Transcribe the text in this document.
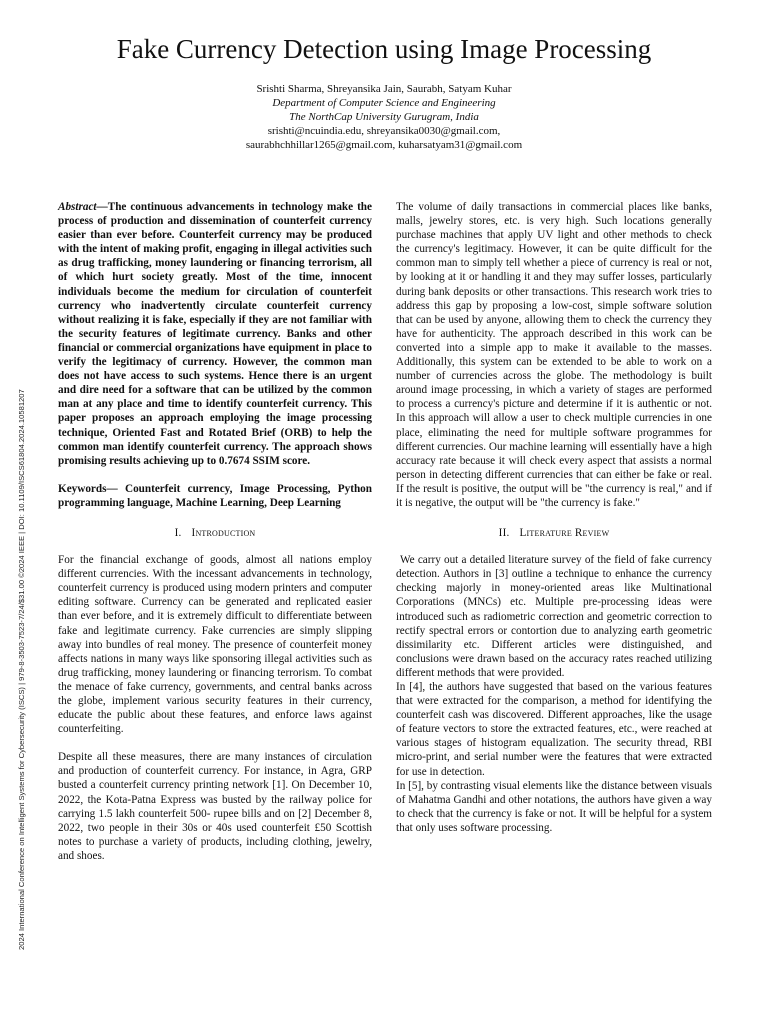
Fake Currency Detection using Image Processing
Srishti Sharma, Shreyansika Jain, Saurabh, Satyam Kuhar
Department of Computer Science and Engineering
The NorthCap University Gurugram, India
srishti@ncuindia.edu, shreyansika0030@gmail.com,
saurabhchhillar1265@gmail.com, kuharsatyam31@gmail.com
2024 International Conference on Intelligent Systems for Cybersecurity (ISCS) | 979-8-3503-7523-7/24/$31.00 ©2024 IEEE | DOI: 10.1109/ISCS61804.2024.10581207

Abstract—The continuous advancements in technology make the process of production and dissemination of counterfeit currency easier than ever before. Counterfeit currency may be produced with the intent of making profit, engaging in illegal activities such as drug trafficking, money laundering or financing terrorism, all of which hurt society greatly. Most of the time, innocent individuals become the medium for circulation of counterfeit currency who inadvertently circulate counterfeit currency without realizing it is fake, especially if they are not familiar with the security features of legitimate currency. Banks and other financial or commercial organizations have equipment in place to verify the legitimacy of currency. However, the common man does not have access to such systems. Hence there is an urgent and dire need for a software that can be utilized by the common man at any place and time to identify counterfeit currency. This paper proposes an approach employing the image processing technique, Oriented Fast and Rotated Brief (ORB) to help the common man identify counterfeit currency. The approach shows promising results achieving up to 0.7674 SSIM score.

Keywords— Counterfeit currency, Image Processing, Python programming language, Machine Learning, Deep Learning

I. Introduction

For the financial exchange of goods, almost all nations employ different currencies. With the incessant advancements in technology, counterfeit currency is produced using modern printers and computer editing software. Currency can be generated and replicated easier than ever before, and it is extremely difficult to differentiate between fake and legitimate currency. Fake currencies are simply slipping away into bundles of real money. The presence of counterfeit money affects nations in many ways like sponsoring illegal activities such as drug trafficking, money laundering or financing terrorism. To combat the menace of fake currency, governments, and central banks across the globe, implement various security features in their currency, educate the public about these features, and enforce laws against counterfeiting.

Despite all these measures, there are many instances of circulation and production of counterfeit currency. For instance, in Agra, GRP busted a counterfeit currency printing network [1]. On December 10, 2022, the Kota-Patna Express was busted by the railway police for carrying 1.5 lakh counterfeit 500- rupee bills and on [2] December 8, 2022, two people in their 30s or 40s used counterfeit £50 Scottish notes to purchase a variety of products, including clothing, jewelry, and shoes.

The volume of daily transactions in commercial places like banks, malls, jewelry stores, etc. is very high. Such locations generally purchase machines that apply UV light and other methods to check the currency's legitimacy. However, it can be quite difficult for the common man to simply tell whether a piece of currency is real or not, by looking at it or handling it and they may suffer losses, particularly during bank deposits or other transactions. This research work tries to address this gap by proposing a low-cost, simple software solution that can be used by anyone, allowing them to check the currency they have for authenticity. The approach described in this work can be converted into a simple app to make it available to the masses. Additionally, this system can be extended to be able to work on a number of currencies across the globe. The methodology is built around image processing, in which a variety of stages are performed to process a currency's picture and determine if it is authentic or not. In this approach will allow a user to check multiple currencies in one place, eliminating the need for multiple software programmes for different currencies. Our machine learning will essentially have a high accuracy rate because it will check every aspect that assists a normal person in detecting different currencies that can either be fake or real. If the result is positive, the output will be "the currency is real," and if it is negative, the output will be "the currency is fake."

II. Literature Review

We carry out a detailed literature survey of the field of fake currency detection. Authors in [3] outline a technique to enhance the currency checking majorly in money-oriented areas like Multinational Corporations (MNCs) etc. Multiple pre-processing ideas were introduced such as radiometric correction and geometric correction to rectify spectral errors or contortion due to analyzing earth geometric dissimilarity etc. Different articles were distinguished, and conclusions were drawn based on the accuracy rates reached utilizing different methods that were provided.

In [4], the authors have suggested that based on the various features that were extracted for the comparison, a method for identifying the counterfeit cash was discovered. Different approaches, like the usage of feature vectors to store the extracted features, etc., were reached at various stages of histogram equalization. The security thread, RBI micro-print, and serial number were the features that were extracted for use in detection.

In [5], by contrasting visual elements like the distance between visuals of Mahatma Gandhi and other notations, the authors have given a way to check that the currency is fake or not. It will be helpful for a system that only uses software processing.
